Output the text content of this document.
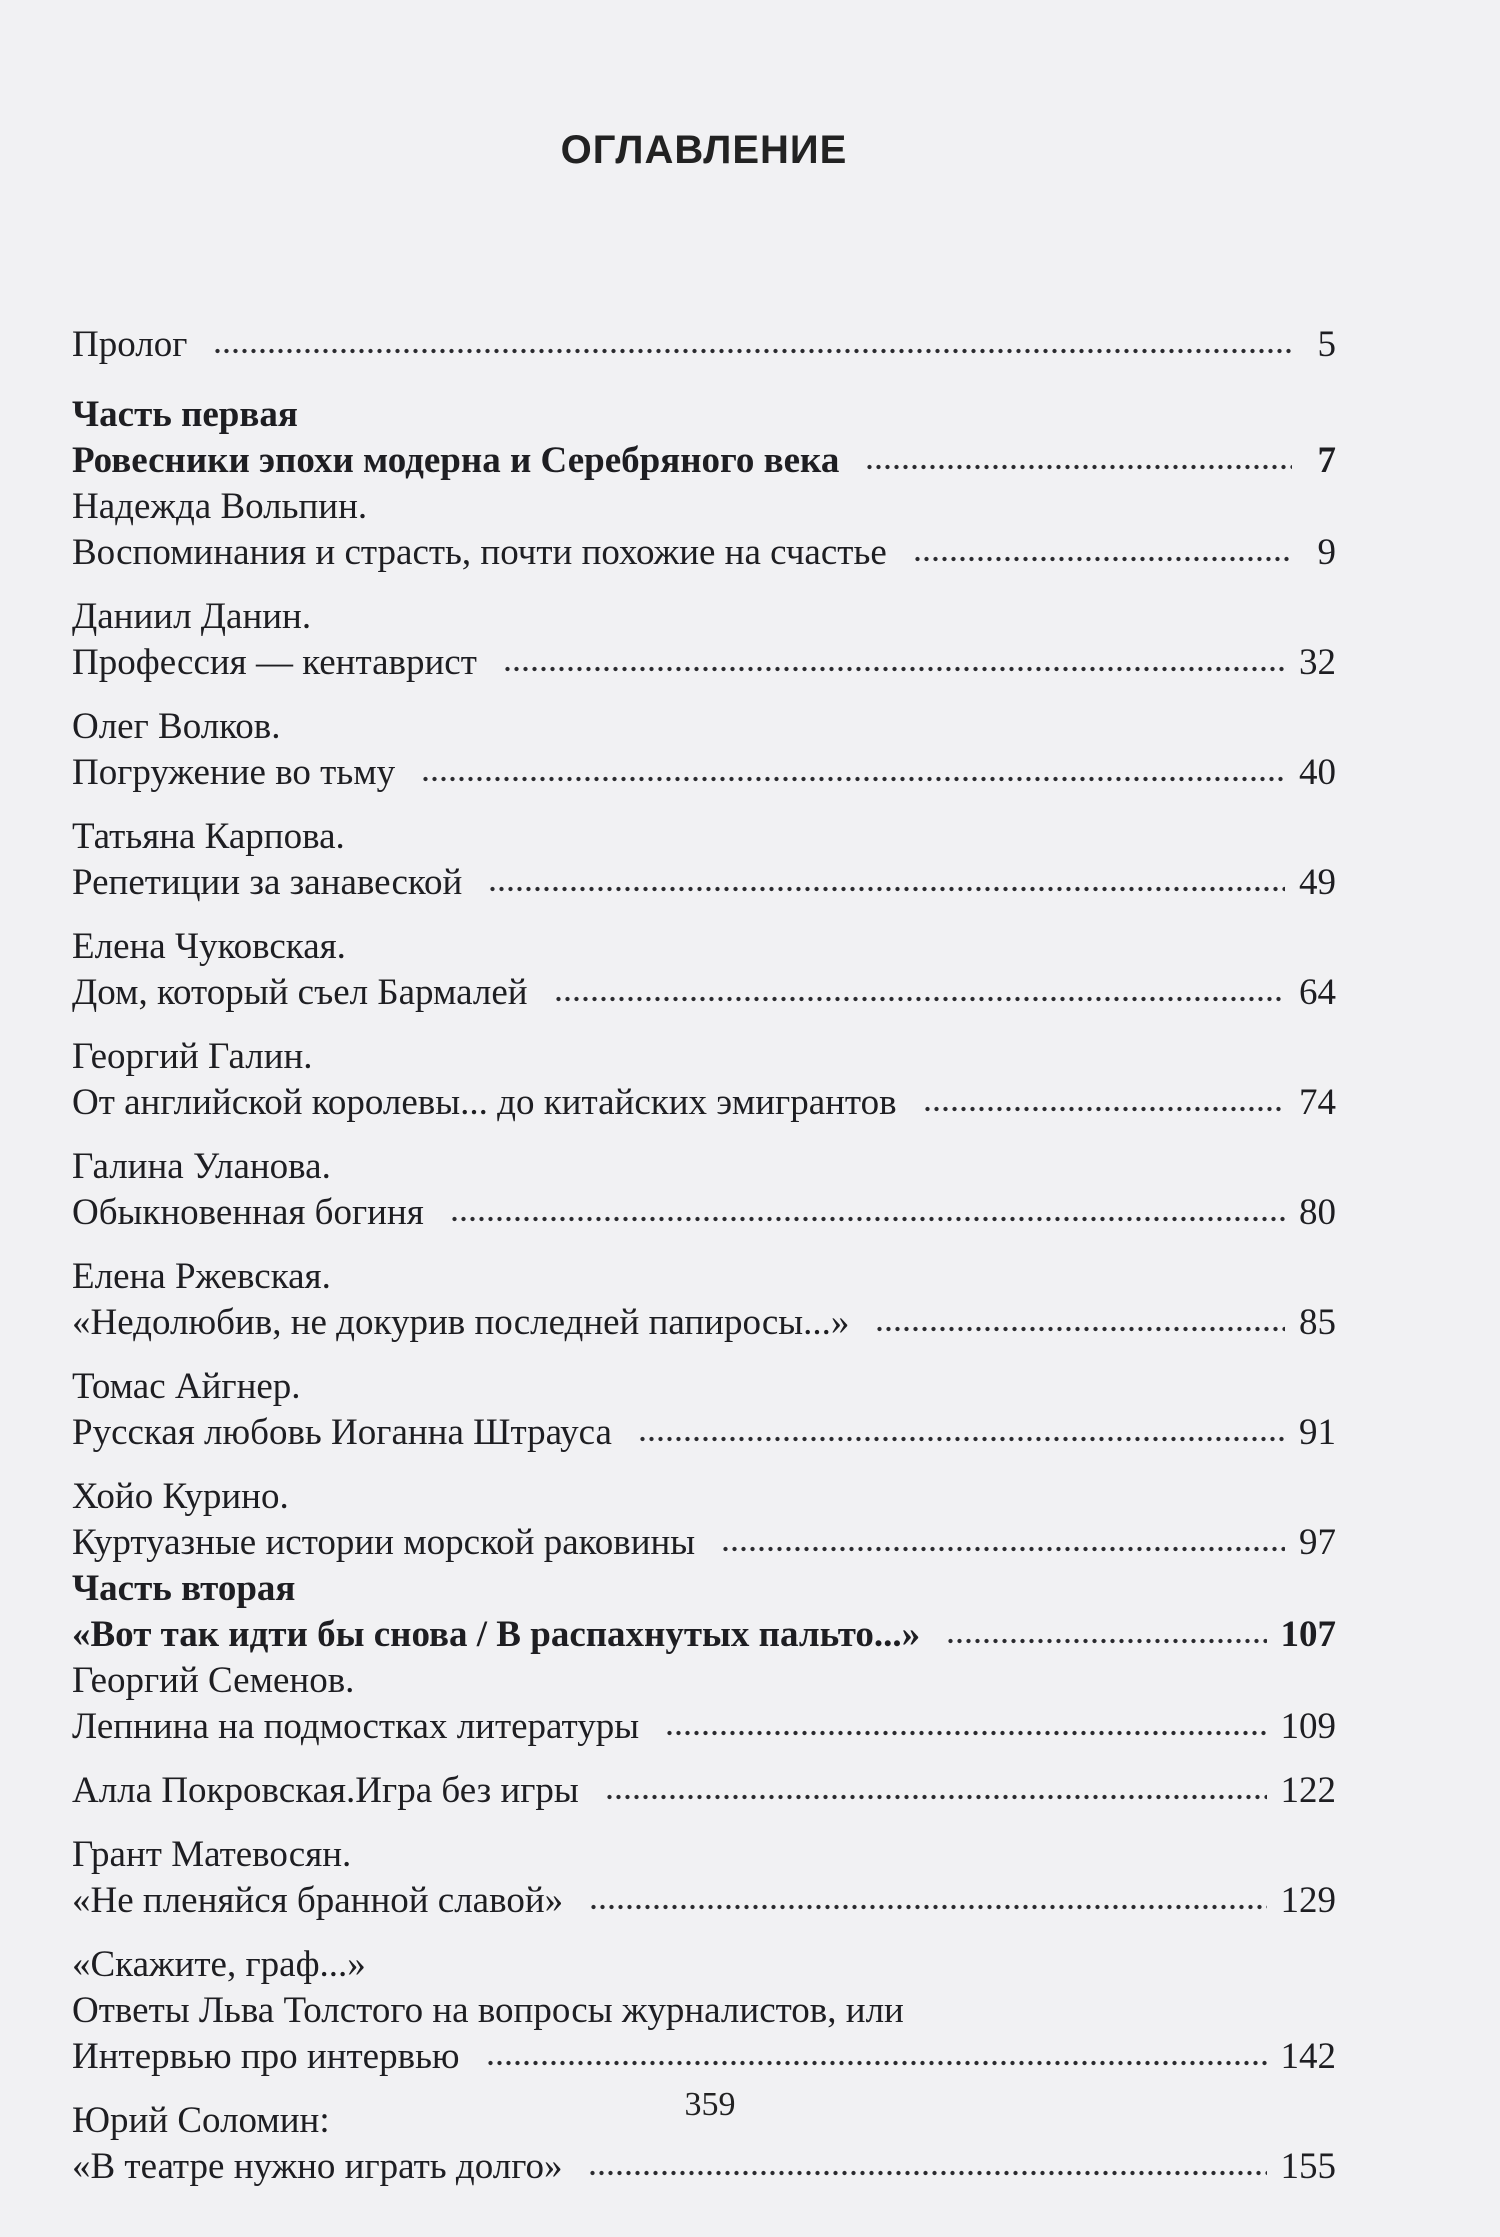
ОГЛАВЛЕНИЕ
Пролог	5
Часть первая
Ровесники эпохи модерна и Серебряного века	7
Надежда Вольпин.
Воспоминания и страсть, почти похожие на счастье	9
Даниил Данин.
Профессия — кентаврист	32
Олег Волков.
Погружение во тьму	40
Татьяна Карпова.
Репетиции за занавеской	49
Елена Чуковская.
Дом, который съел Бармалей	64
Георгий Галин.
От английской королевы... до китайских эмигрантов	74
Галина Уланова.
Обыкновенная богиня	80
Елена Ржевская.
«Недолюбив, не докурив последней папиросы...»	85
Томас Айгнер.
Русская любовь Иоганна Штрауса	91
Хойо Курино.
Куртуазные истории морской раковины	97
Часть вторая
«Вот так идти бы снова / В распахнутых пальто...»	107
Георгий Семенов.
Лепнина на подмостках литературы	109
Алла Покровская.Игра без игры	122
Грант Матевосян.
«Не пленяйся бранной славой»	129
«Скажите, граф...»
Ответы Льва Толстого на вопросы журналистов, или
Интервью про интервью	142
Юрий Соломин:
«В театре нужно играть долго»	155
359
